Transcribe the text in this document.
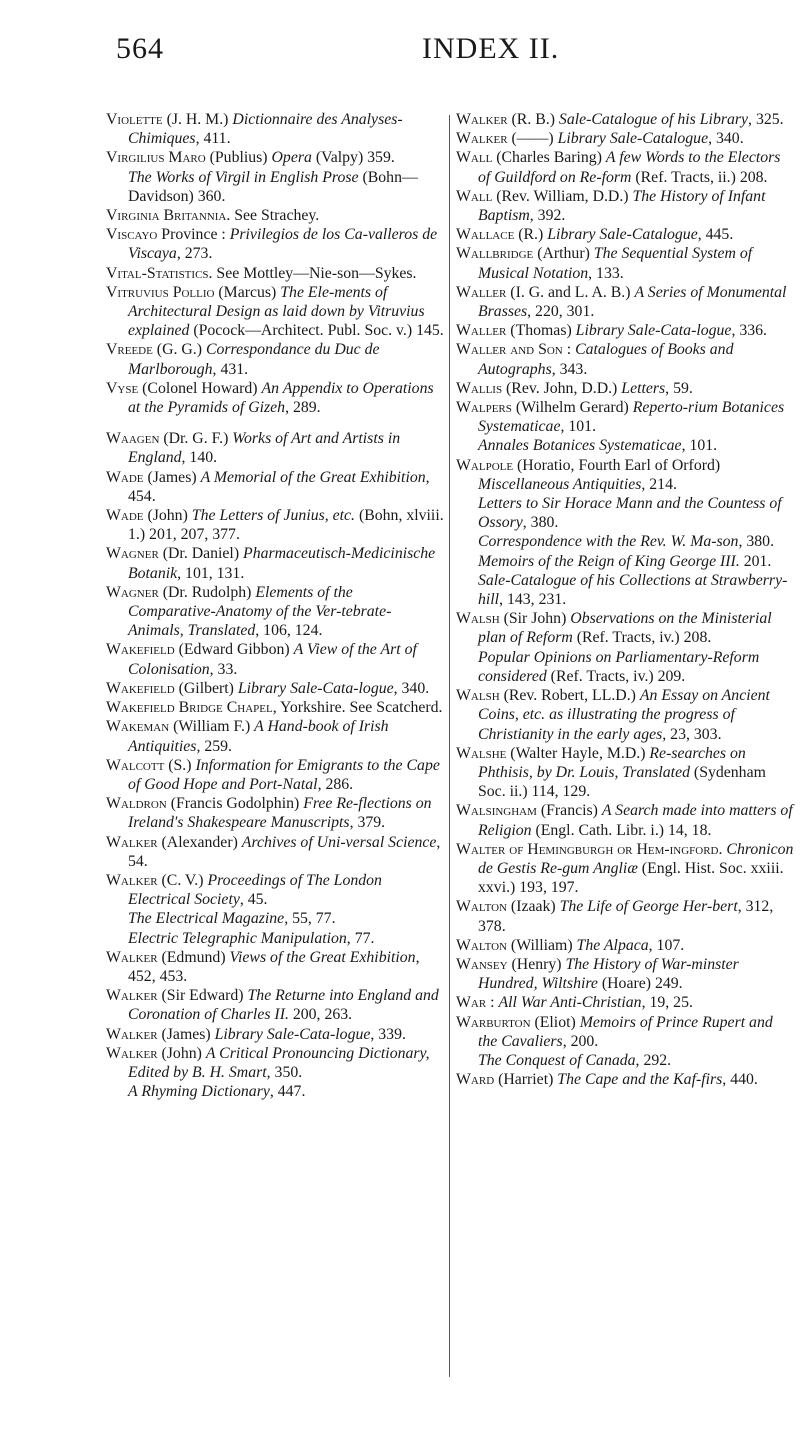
564	INDEX II.

Violette (J. H. M.) Dictionnaire des Analyses-Chimiques, 411.

Virgilius Maro (Publius) Opera (Valpy) 359.

The Works of Virgil in English Prose (Bohn—Davidson) 360.

Virginia Britannia. See Strachey.

Viscayo Province : Privilegios de los Ca-valleros de Viscaya, 273.

Vital-Statistics. See Mottley—Nie-son—Sykes.

Vitruvius Pollio (Marcus) The Ele-ments of Architectural Design as laid down by Vitruvius explained (Pocock—Architect. Publ. Soc. v.) 145.

Vreede (G. G.) Correspondance du Duc de Marlborough, 431.

Vyse (Colonel Howard) An Appendix to Operations at the Pyramids of Gizeh, 289.

Waagen (Dr. G. F.) Works of Art and Artists in England, 140.

Wade (James) A Memorial of the Great Exhibition, 454.

Wade (John) The Letters of Junius, etc. (Bohn, xlviii. 1.) 201, 207, 377.

Wagner (Dr. Daniel) Pharmaceutisch-Medicinische Botanik, 101, 131.

Wagner (Dr. Rudolph) Elements of the Comparative-Anatomy of the Ver-tebrate-Animals, Translated, 106, 124.

Wakefield (Edward Gibbon) A View of the Art of Colonisation, 33.

Wakefield (Gilbert) Library Sale-Cata-logue, 340.

Wakefield Bridge Chapel, Yorkshire. See Scatcherd.

Wakeman (William F.) A Hand-book of Irish Antiquities, 259.

Walcott (S.) Information for Emigrants to the Cape of Good Hope and Port-Natal, 286.

Waldron (Francis Godolphin) Free Re-flections on Ireland's Shakespeare Manuscripts, 379.

Walker (Alexander) Archives of Uni-versal Science, 54.

Walker (C. V.) Proceedings of The London Electrical Society, 45.

The Electrical Magazine, 55, 77.

Electric Telegraphic Manipulation, 77.

Walker (Edmund) Views of the Great Exhibition, 452, 453.

Walker (Sir Edward) The Returne into England and Coronation of Charles II. 200, 263.

Walker (James) Library Sale-Cata-logue, 339.

Walker (John) A Critical Pronouncing Dictionary, Edited by B. H. Smart, 350.

A Rhyming Dictionary, 447.

Walker (R. B.) Sale-Catalogue of his Library, 325.

Walker (——) Library Sale-Catalogue, 340.

Wall (Charles Baring) A few Words to the Electors of Guildford on Re-form (Ref. Tracts, ii.) 208.

Wall (Rev. William, D.D.) The History of Infant Baptism, 392.

Wallace (R.) Library Sale-Catalogue, 445.

Wallbridge (Arthur) The Sequential System of Musical Notation, 133.

Waller (I. G. and L. A. B.) A Series of Monumental Brasses, 220, 301.

Waller (Thomas) Library Sale-Cata-logue, 336.

Waller and Son : Catalogues of Books and Autographs, 343.

Wallis (Rev. John, D.D.) Letters, 59.

Walpers (Wilhelm Gerard) Reperto-rium Botanices Systematicae, 101.

Annales Botanices Systematicae, 101.

Walpole (Horatio, Fourth Earl of Orford) Miscellaneous Antiquities, 214.

Letters to Sir Horace Mann and the Countess of Ossory, 380.

Correspondence with the Rev. W. Ma-son, 380.

Memoirs of the Reign of King George III. 201.

Sale-Catalogue of his Collections at Strawberry-hill, 143, 231.

Walsh (Sir John) Observations on the Ministerial plan of Reform (Ref. Tracts, iv.) 208.

Popular Opinions on Parliamentary-Reform considered (Ref. Tracts, iv.) 209.

Walsh (Rev. Robert, LL.D.) An Essay on Ancient Coins, etc. as illustrating the progress of Christianity in the early ages, 23, 303.

Walshe (Walter Hayle, M.D.) Re-searches on Phthisis, by Dr. Louis, Translated (Sydenham Soc. ii.) 114, 129.

Walsingham (Francis) A Search made into matters of Religion (Engl. Cath. Libr. i.) 14, 18.

Walter of Hemingburgh or Hem-ingford. Chronicon de Gestis Re-gum Angliæ (Engl. Hist. Soc. xxiii. xxvi.) 193, 197.

Walton (Izaak) The Life of George Her-bert, 312, 378.

Walton (William) The Alpaca, 107.

Wansey (Henry) The History of War-minster Hundred, Wiltshire (Hoare) 249.

War : All War Anti-Christian, 19, 25.

Warburton (Eliot) Memoirs of Prince Rupert and the Cavaliers, 200.

The Conquest of Canada, 292.

Ward (Harriet) The Cape and the Kaf-firs, 440.
